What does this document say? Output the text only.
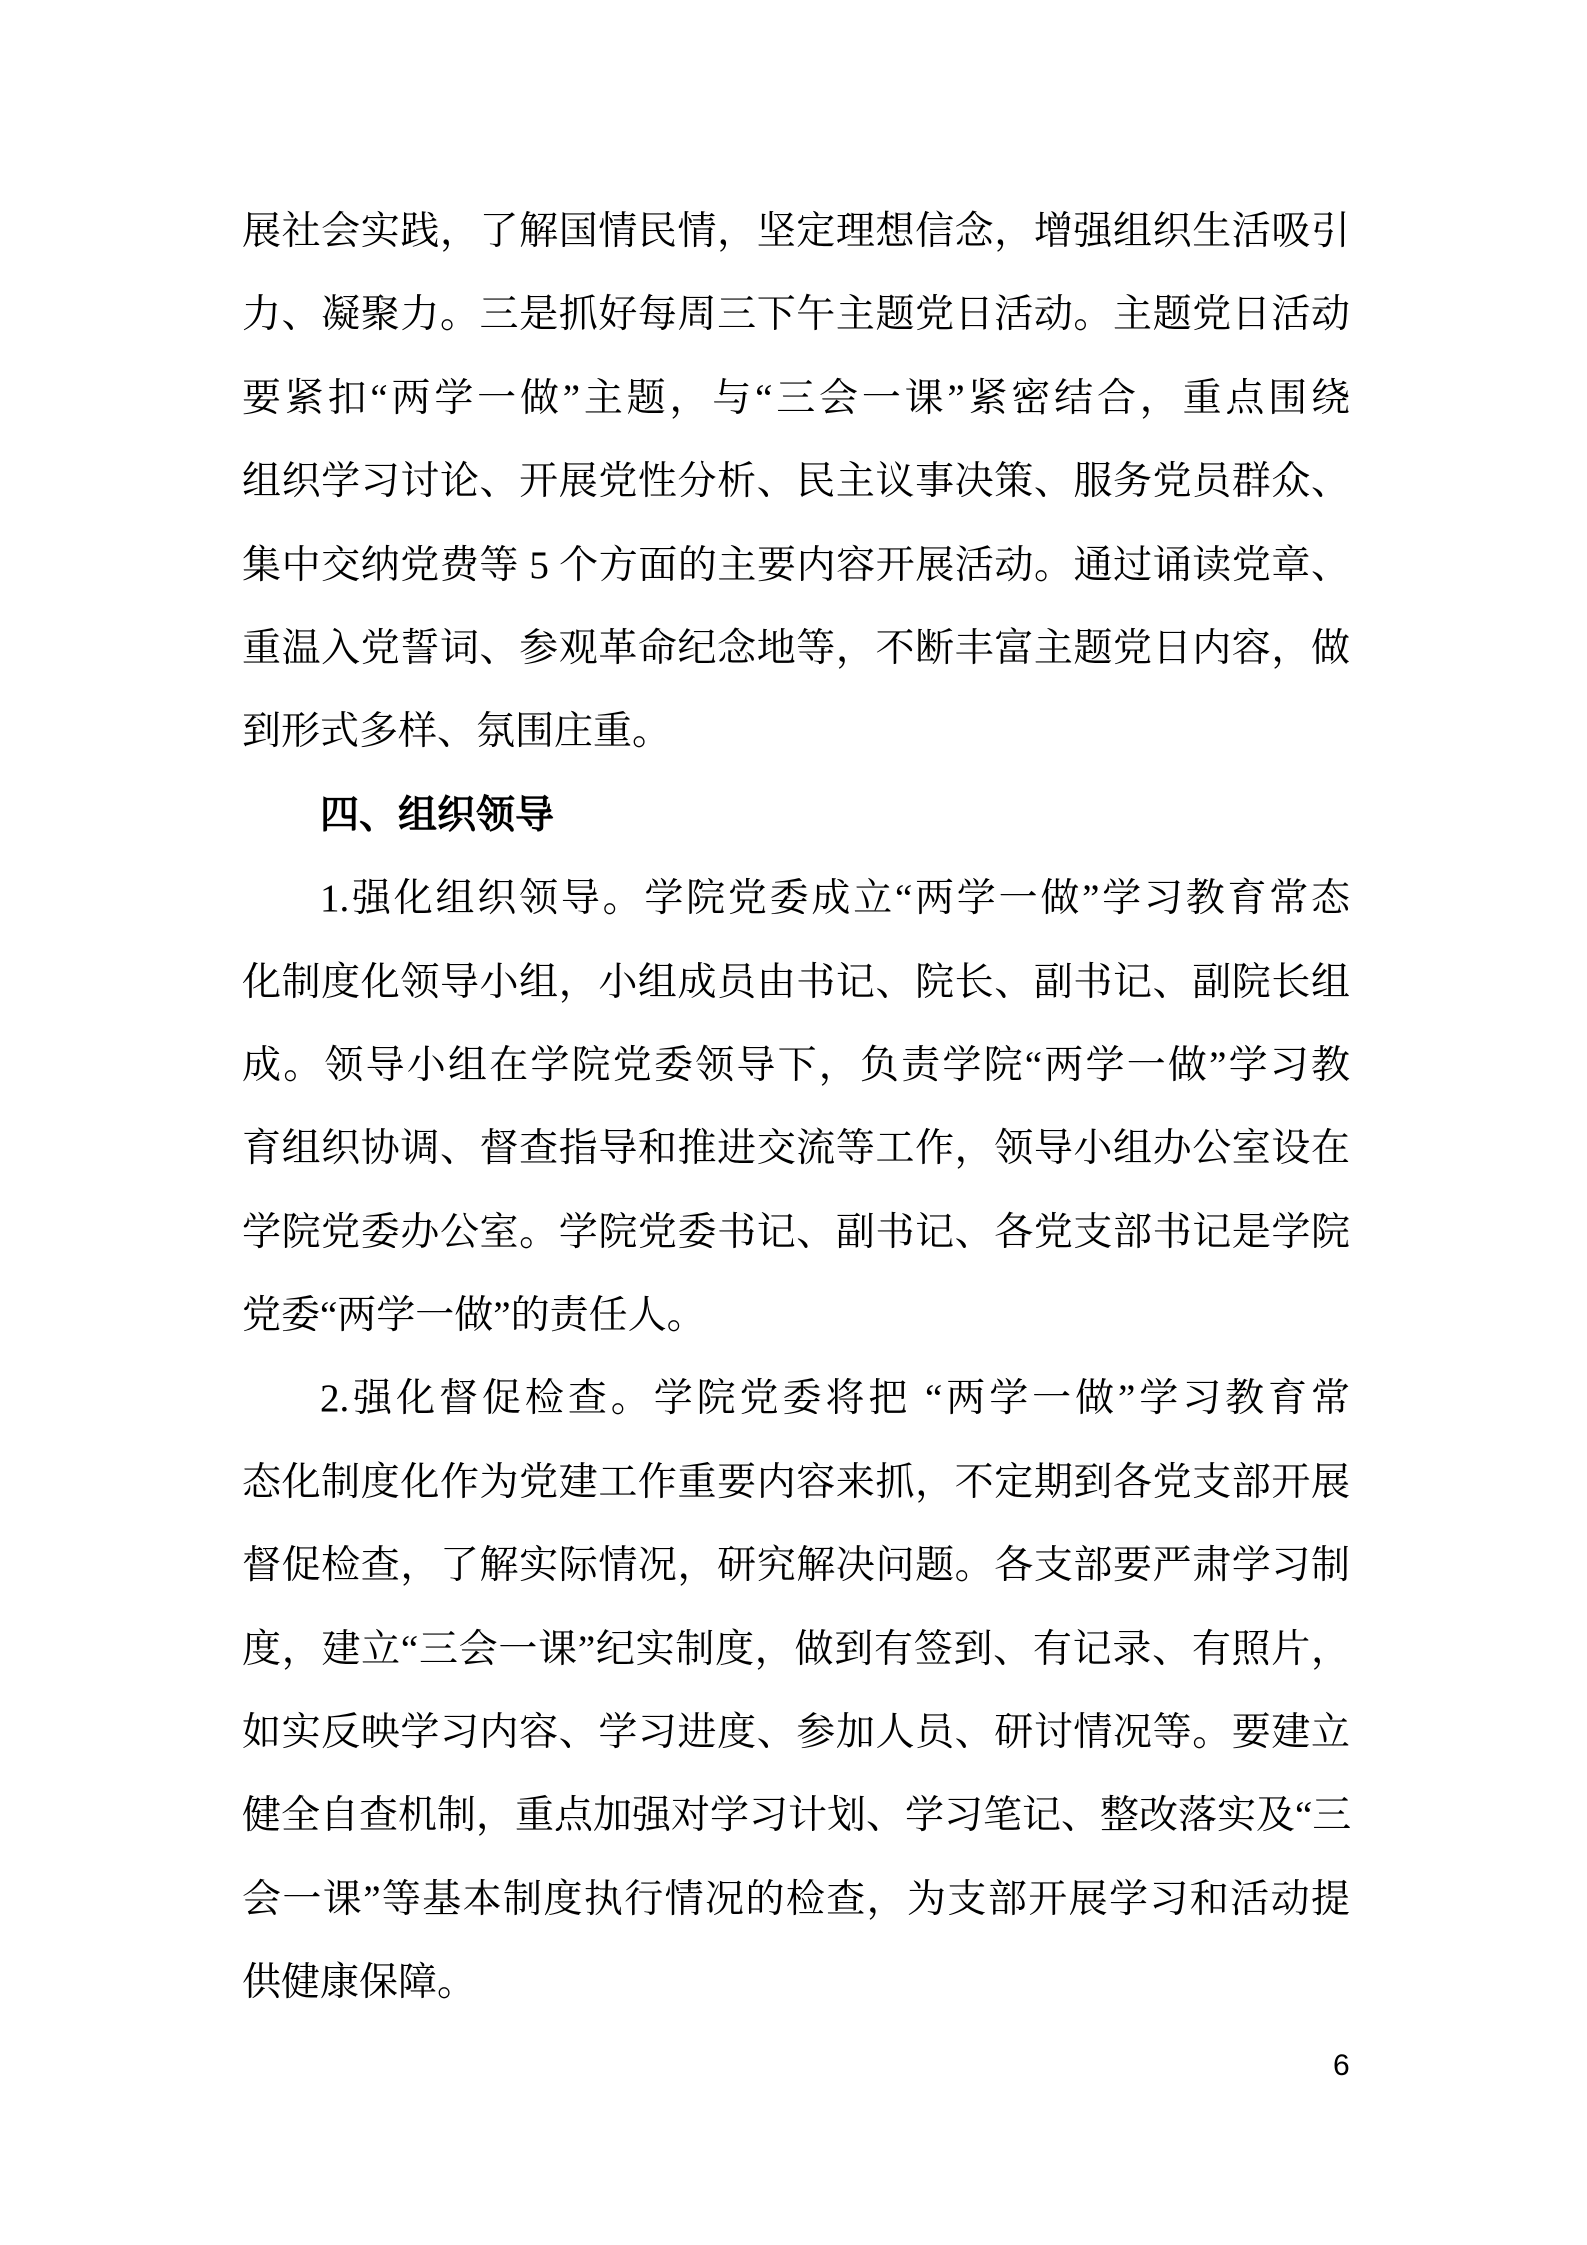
展社会实践，了解国情民情，坚定理想信念，增强组织生活吸引
力、凝聚力。三是抓好每周三下午主题党日活动。主题党日活动
要紧扣“两学一做”主题，与“三会一课”紧密结合，重点围绕
组织学习讨论、开展党性分析、民主议事决策、服务党员群众、
集中交纳党费等 5 个方面的主要内容开展活动。通过诵读党章、
重温入党誓词、参观革命纪念地等，不断丰富主题党日内容，做
到形式多样、氛围庄重。
四、组织领导
1.强化组织领导。学院党委成立“两学一做”学习教育常态
化制度化领导小组，小组成员由书记、院长、副书记、副院长组
成。领导小组在学院党委领导下，负责学院“两学一做”学习教
育组织协调、督查指导和推进交流等工作，领导小组办公室设在
学院党委办公室。学院党委书记、副书记、各党支部书记是学院
党委“两学一做”的责任人。
2.强化督促检查。学院党委将把 “两学一做”学习教育常
态化制度化作为党建工作重要内容来抓，不定期到各党支部开展
督促检查，了解实际情况，研究解决问题。各支部要严肃学习制
度，建立“三会一课”纪实制度，做到有签到、有记录、有照片，
如实反映学习内容、学习进度、参加人员、研讨情况等。要建立
健全自查机制，重点加强对学习计划、学习笔记、整改落实及“三
会一课”等基本制度执行情况的检查，为支部开展学习和活动提
供健康保障。
6
